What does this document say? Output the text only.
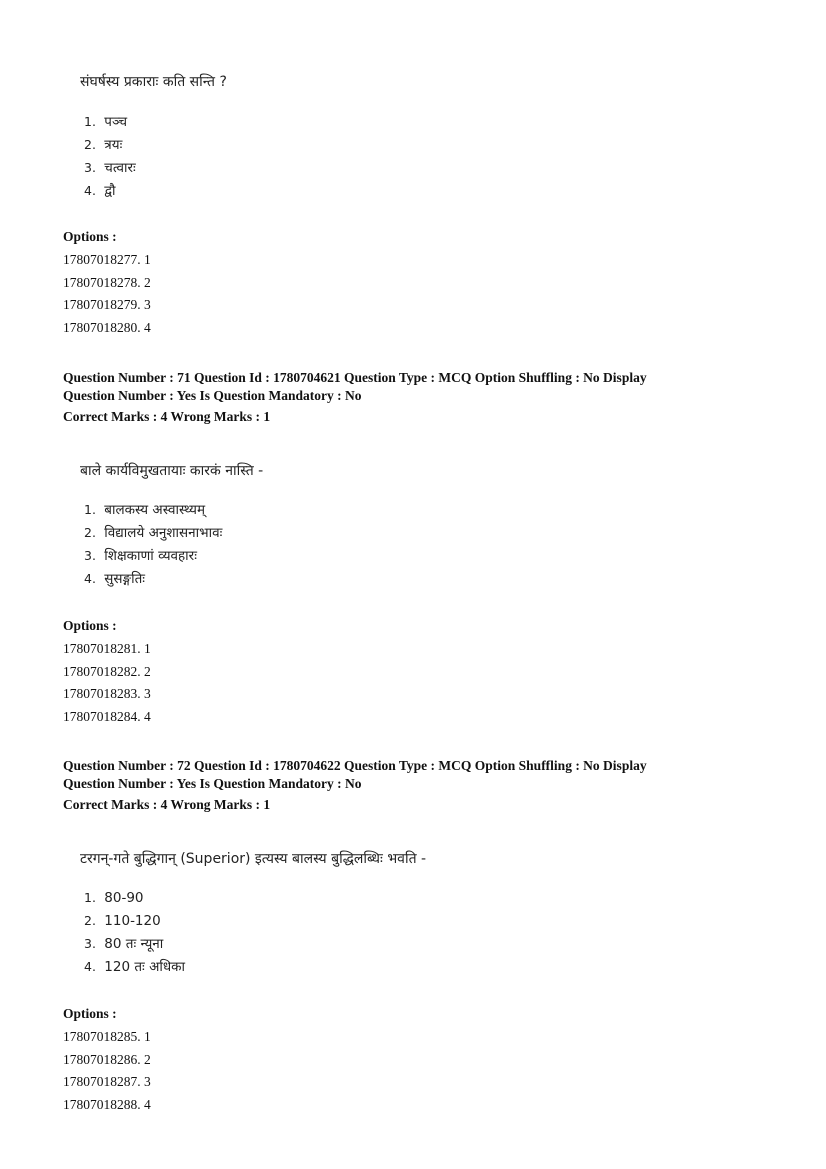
संघर्षस्य प्रकाराः कति सन्ति ?
1. पञ्च
2. त्रयः
3. चत्वारः
4. द्वौ
Options :
17807018277. 1
17807018278. 2
17807018279. 3
17807018280. 4
Question Number : 71 Question Id : 1780704621 Question Type : MCQ Option Shuffling : No Display
Question Number : Yes Is Question Mandatory : No
Correct Marks : 4 Wrong Marks : 1
बाले कार्यविमुखतायाः कारकं नास्ति -
1. बालकस्य अस्वास्थ्यम्
2. विद्यालये अनुशासनाभावः
3. शिक्षकाणां व्यवहारः
4. सुसङ्गतिः
Options :
17807018281. 1
17807018282. 2
17807018283. 3
17807018284. 4
Question Number : 72 Question Id : 1780704622 Question Type : MCQ Option Shuffling : No Display
Question Number : Yes Is Question Mandatory : No
Correct Marks : 4 Wrong Marks : 1
टरगन्-गते बुद्धिगान् (Superior) इत्यस्य बालस्य बुद्धिलब्धिः भवति -
1. 80-90
2. 110-120
3. 80 तः न्यूना
4. 120 तः अधिका
Options :
17807018285. 1
17807018286. 2
17807018287. 3
17807018288. 4
